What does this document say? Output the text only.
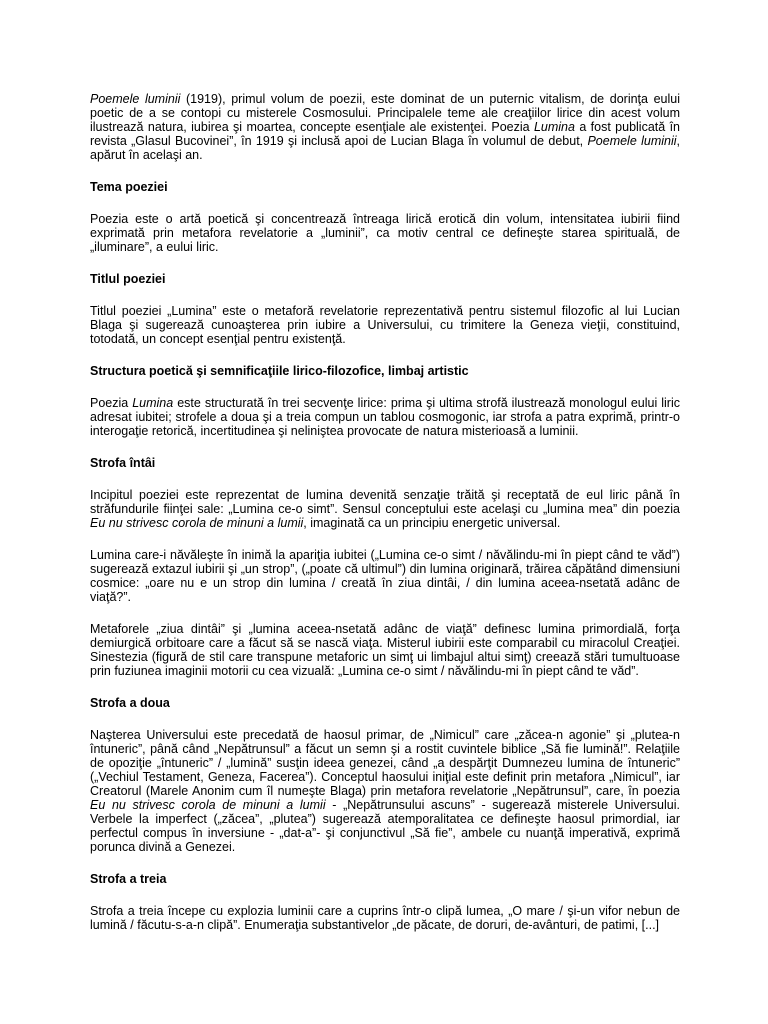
Poemele luminii (1919), primul volum de poezii, este dominat de un puternic vitalism, de dorinţa eului poetic de a se contopi cu misterele Cosmosului. Principalele teme ale creaţiilor lirice din acest volum ilustrează natura, iubirea şi moartea, concepte esenţiale ale existenţei. Poezia Lumina a fost publicată în revista „Glasul Bucovinei”, în 1919 şi inclusă apoi de Lucian Blaga în volumul de debut, Poemele luminii, apărut în acelaşi an.

Tema poeziei

Poezia este o artă poetică şi concentrează întreaga lirică erotică din volum, intensitatea iubirii fiind exprimată prin metafora revelatorie a „luminii”, ca motiv central ce defineşte starea spirituală, de „iluminare”, a eului liric.

Titlul poeziei

Titlul poeziei „Lumina” este o metaforă revelatorie reprezentativă pentru sistemul filozofic al lui Lucian Blaga şi sugerează cunoaşterea prin iubire a Universului, cu trimitere la Geneza vieţii, constituind, totodată, un concept esenţial pentru existenţă.

Structura poetică şi semnificaţiile lirico-filozofice, limbaj artistic

Poezia Lumina este structurată în trei secvenţe lirice: prima şi ultima strofă ilustrează monologul eului liric adresat iubitei; strofele a doua şi a treia compun un tablou cosmogonic, iar strofa a patra exprimă, printr-o interogaţie retorică, incertitudinea şi neliniştea provocate de natura misterioasă a luminii.

Strofa întâi

Incipitul poeziei este reprezentat de lumina devenită senzaţie trăită şi receptată de eul liric până în străfundurile fiinţei sale: „Lumina ce-o simt”. Sensul conceptului este acelaşi cu „lumina mea” din poezia Eu nu strivesc corola de minuni a lumii, imaginată ca un principiu energetic universal.

Lumina care-i năvăleşte în inimă la apariţia iubitei („Lumina ce-o simt / năvălindu-mi în piept când te văd”) sugerează extazul iubirii şi „un strop”, („poate că ultimul”) din lumina originară, trăirea căpătând dimensiuni cosmice: „oare nu e un strop din lumina / creată în ziua dintâi, / din lumina aceea-nsetată adânc de viaţă?”.

Metaforele „ziua dintâi” şi „lumina aceea-nsetată adânc de viaţă” definesc lumina primordială, forţa demiurgică orbitoare care a făcut să se nască viaţa. Misterul iubirii este comparabil cu miracolul Creaţiei. Sinestezia (figură de stil care transpune metaforic un simţ ui limbajul altui simţ) creează stări tumultuoase prin fuziunea imaginii motorii cu cea vizuală: „Lumina ce-o simt / năvălindu-mi în piept când te văd”.

Strofa a doua

Naşterea Universului este precedată de haosul primar, de „Nimicul” care „zăcea-n agonie” şi „plutea-n întuneric”, până când „Nepătrunsul” a făcut un semn şi a rostit cuvintele biblice „Să fie lumină!”. Relaţiile de opoziţie „întuneric” / „lumină” susţin ideea genezei, când „a despărţit Dumnezeu lumina de întuneric” („Vechiul Testament, Geneza, Facerea”). Conceptul haosului iniţial este definit prin metafora „Nimicul”, iar Creatorul (Marele Anonim cum îl numeşte Blaga) prin metafora revelatorie „Nepătrunsul”, care, în poezia Eu nu strivesc corola de minuni a lumii - „Nepătrunsului ascuns” - sugerează misterele Universului. Verbele la imperfect („zăcea”, „plutea”) sugerează atemporalitatea ce defineşte haosul primordial, iar perfectul compus în inversiune - „dat-a”- şi conjunctivul „Să fie”, ambele cu nuanţă imperativă, exprimă porunca divină a Genezei.

Strofa a treia

Strofa a treia începe cu explozia luminii care a cuprins într-o clipă lumea, „O mare / şi-un vifor nebun de lumină / făcutu-s-a-n clipă”. Enumeraţia substantivelor „de păcate, de doruri, de-avânturi, de patimi, [...]
